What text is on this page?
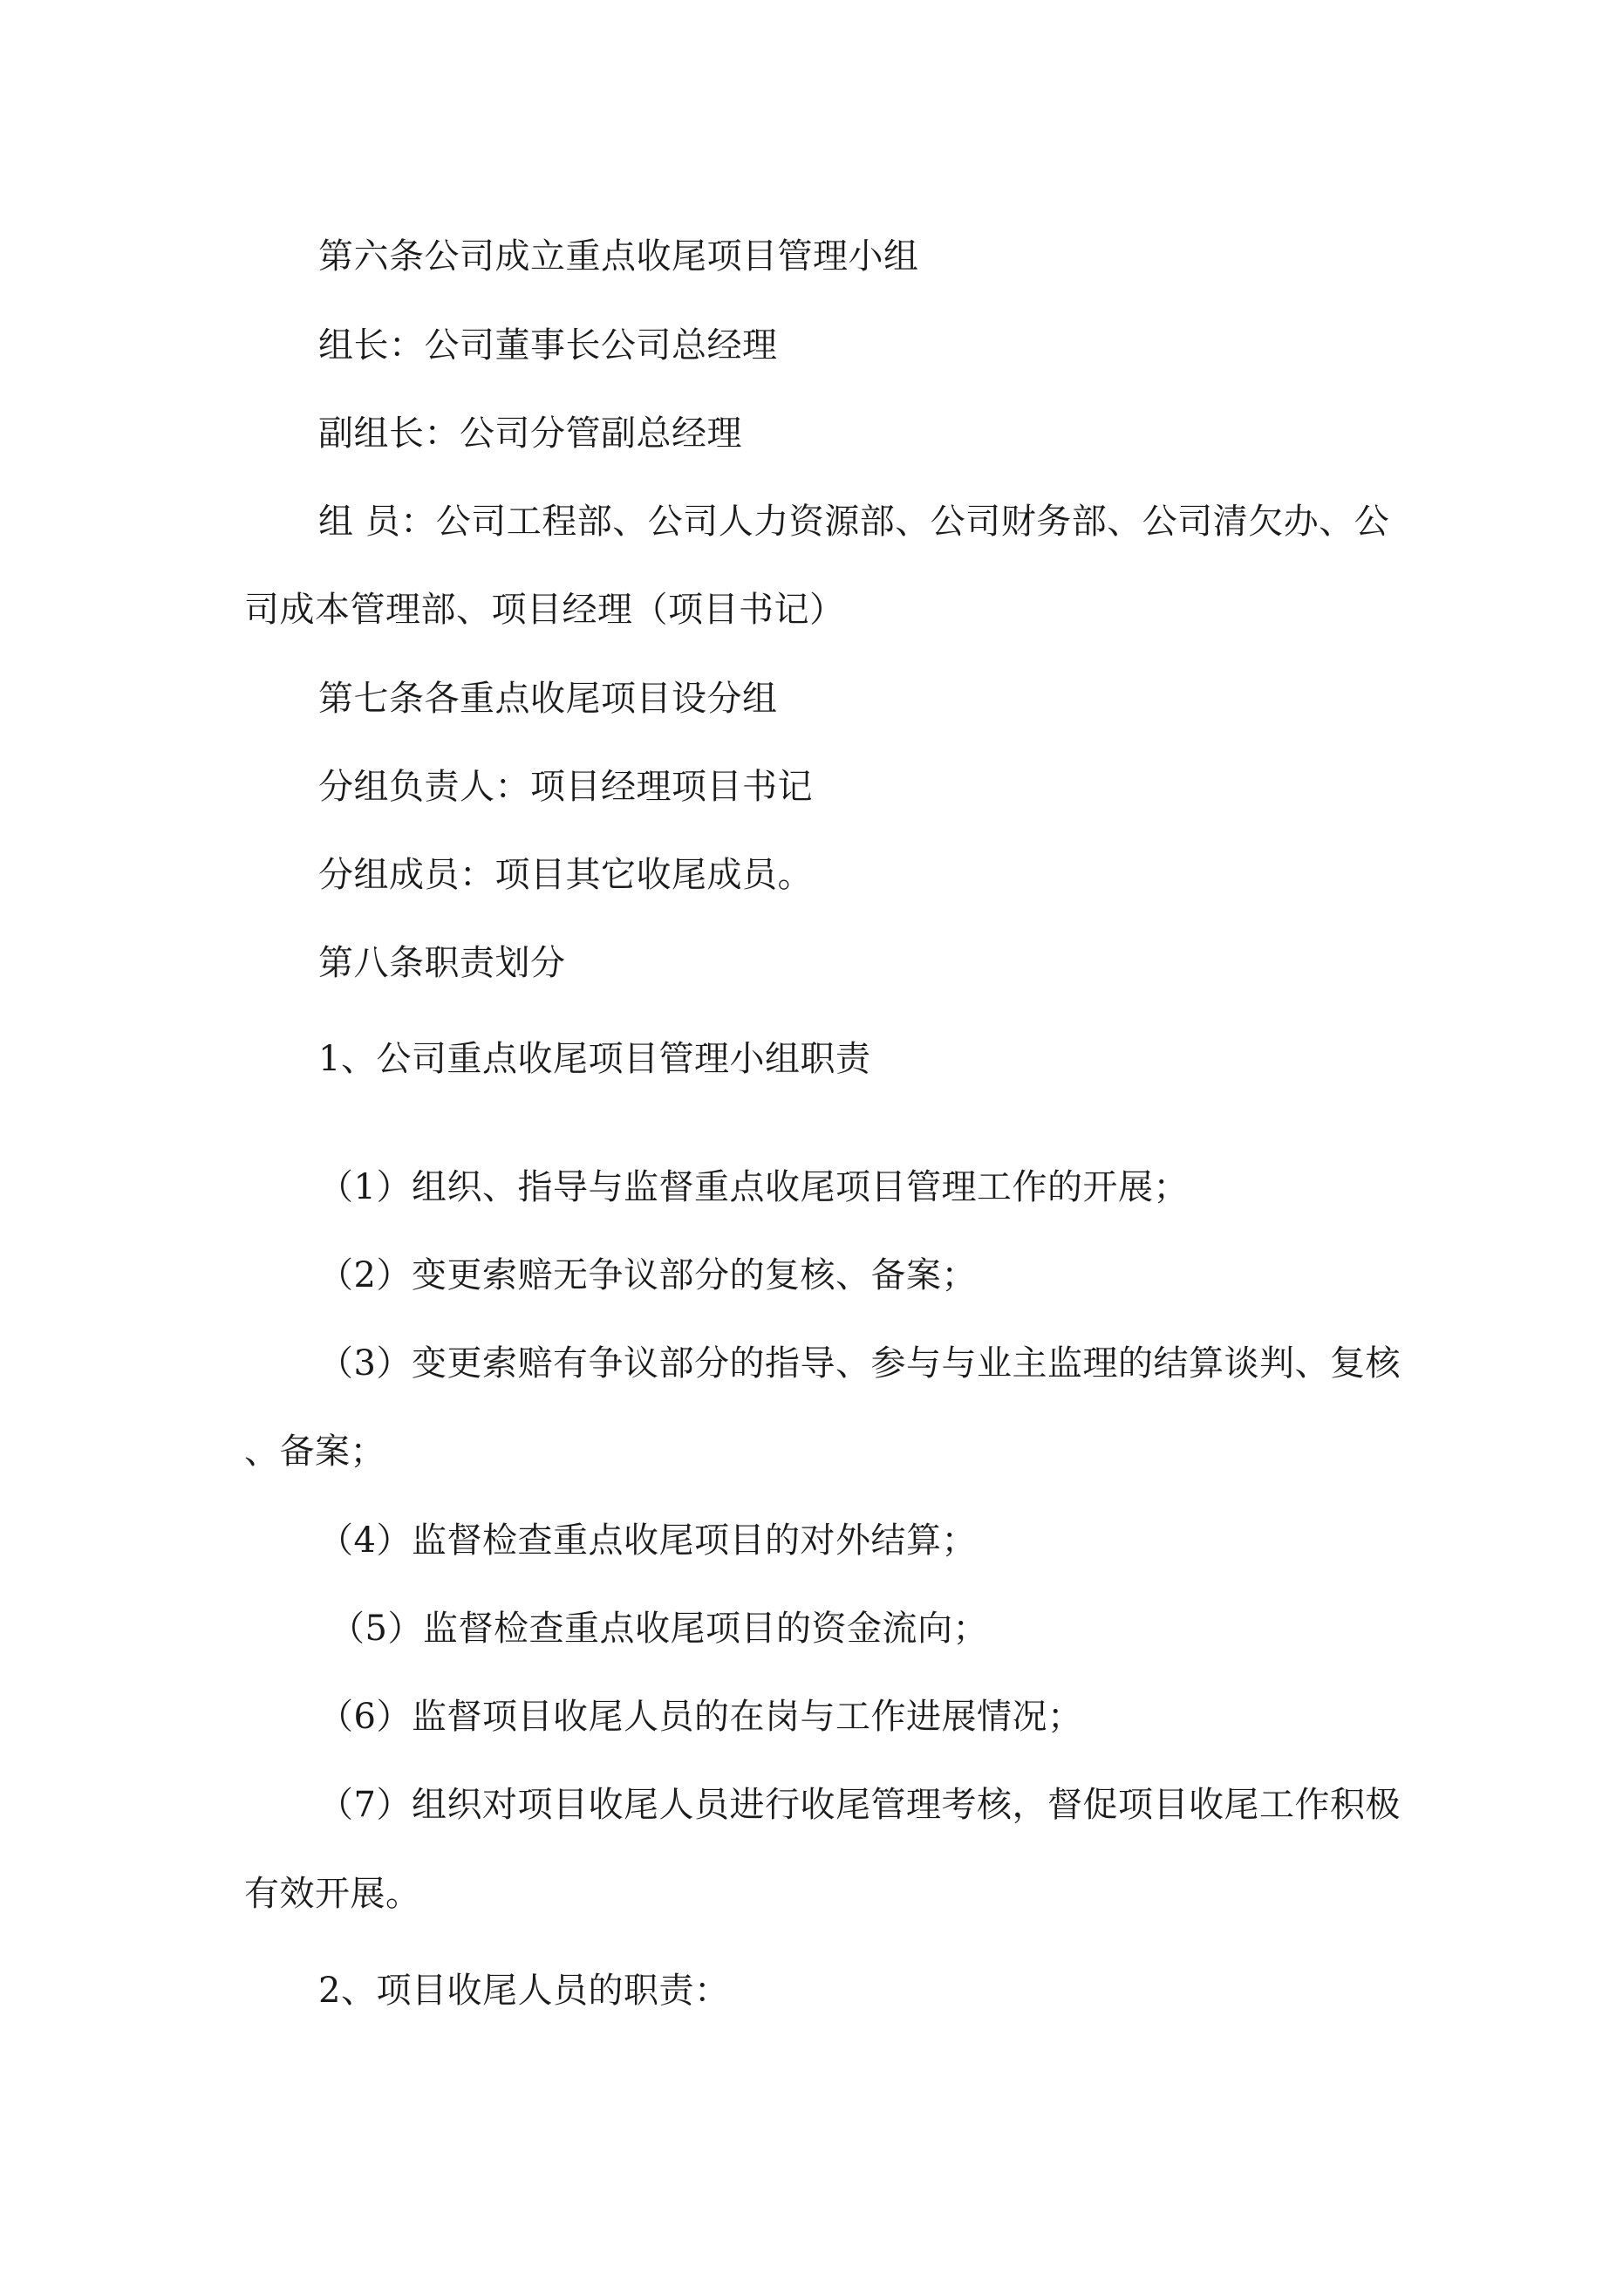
第六条公司成立重点收尾项目管理小组
组长：公司董事长公司总经理
副组长：公司分管副总经理
组 员：公司工程部、公司人力资源部、公司财务部、公司清欠办、公
司成本管理部、项目经理（项目书记）
第七条各重点收尾项目设分组
分组负责人：项目经理项目书记
分组成员：项目其它收尾成员。
第八条职责划分
1、公司重点收尾项目管理小组职责
（1）组织、指导与监督重点收尾项目管理工作的开展；
（2）变更索赔无争议部分的复核、备案；
（3）变更索赔有争议部分的指导、参与与业主监理的结算谈判、复核
、备案；
（4）监督检查重点收尾项目的对外结算；
（5）监督检查重点收尾项目的资金流向；
（6）监督项目收尾人员的在岗与工作进展情况；
（7）组织对项目收尾人员进行收尾管理考核，督促项目收尾工作积极
有效开展。
2、项目收尾人员的职责：
